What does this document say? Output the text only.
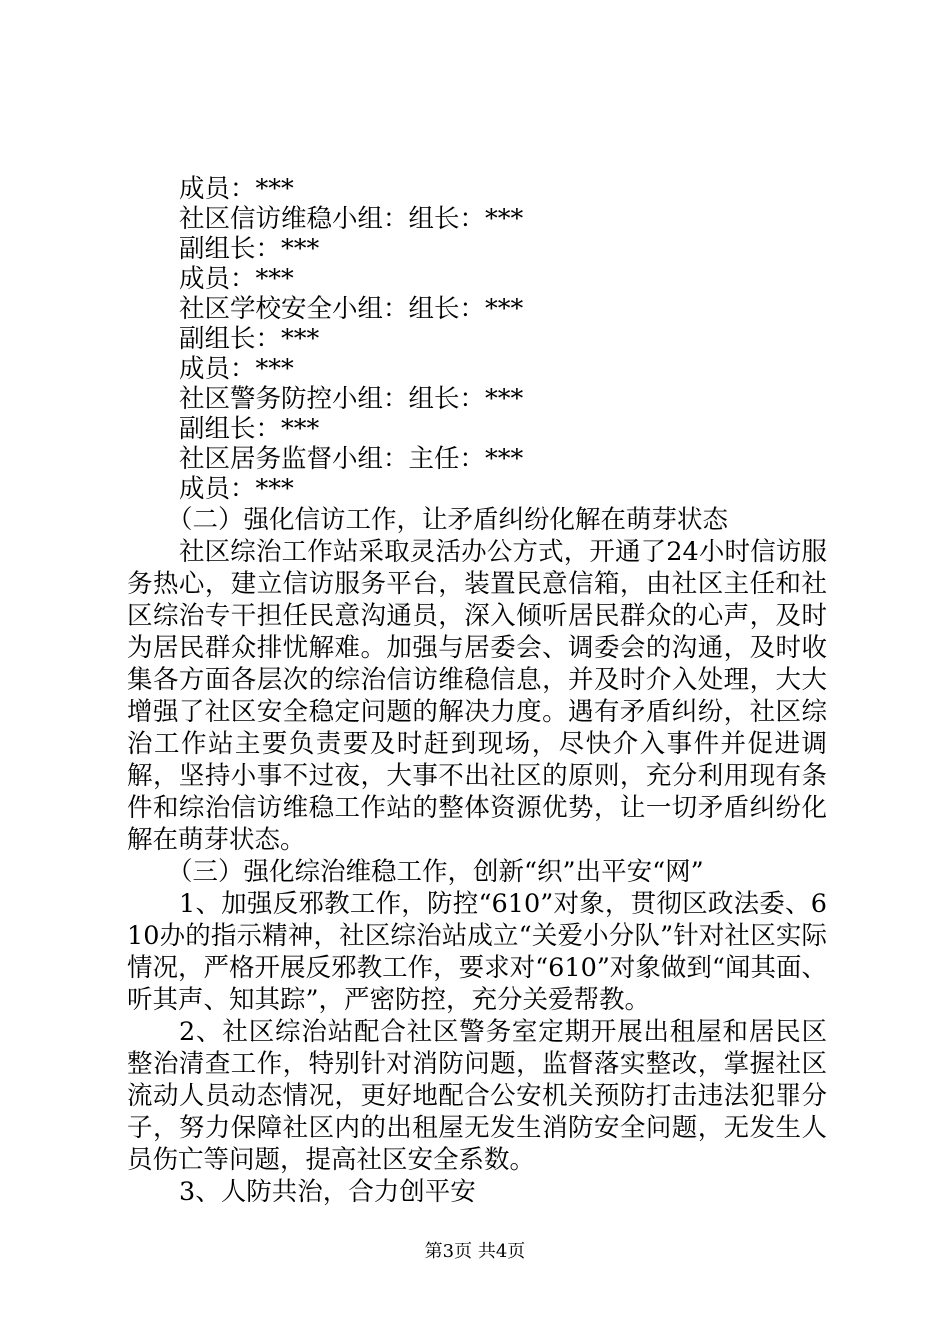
成员：***
社区信访维稳小组：组长：***
副组长：***
成员：***
社区学校安全小组：组长：***
副组长：***
成员：***
社区警务防控小组：组长：***
副组长：***
社区居务监督小组：主任：***
成员：***
（二）强化信访工作，让矛盾纠纷化解在萌芽状态

社区综治工作站采取灵活办公方式，开通了24小时信访服务热心，建立信访服务平台，装置民意信箱，由社区主任和社区综治专干担任民意沟通员，深入倾听居民群众的心声，及时为居民群众排忧解难。加强与居委会、调委会的沟通，及时收集各方面各层次的综治信访维稳信息，并及时介入处理，大大增强了社区安全稳定问题的解决力度。遇有矛盾纠纷，社区综治工作站主要负责要及时赶到现场，尽快介入事件并促进调解，坚持小事不过夜，大事不出社区的原则，充分利用现有条件和综治信访维稳工作站的整体资源优势，让一切矛盾纠纷化解在萌芽状态。

（三）强化综治维稳工作，创新“织”出平安“网”

1、加强反邪教工作，防控“610”对象，贯彻区政法委、610办的指示精神，社区综治站成立“关爱小分队”针对社区实际情况，严格开展反邪教工作，要求对“610”对象做到“闻其面、听其声、知其踪”，严密防控，充分关爱帮教。

2、社区综治站配合社区警务室定期开展出租屋和居民区整治清查工作，特别针对消防问题，监督落实整改，掌握社区流动人员动态情况，更好地配合公安机关预防打击违法犯罪分子，努力保障社区内的出租屋无发生消防安全问题，无发生人员伤亡等问题，提高社区安全系数。

3、人防共治，合力创平安

第3页 共4页
